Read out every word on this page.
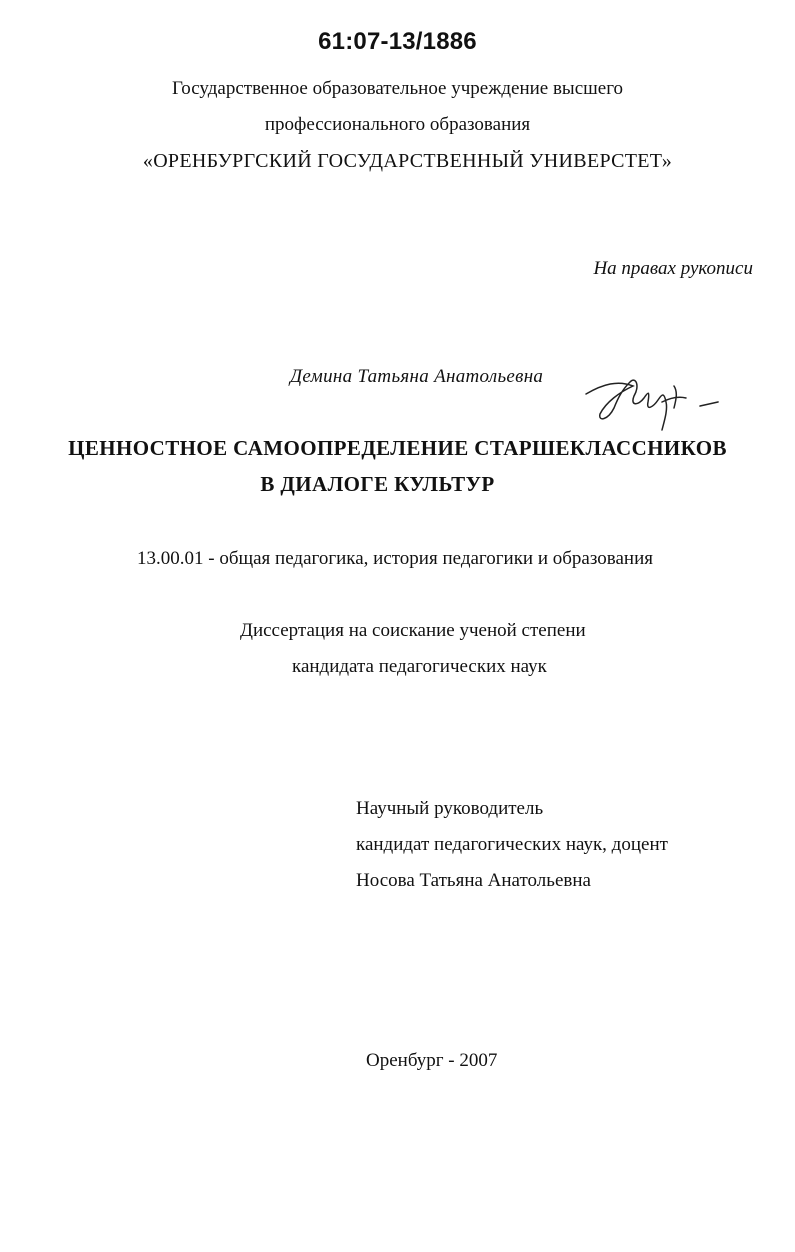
61:07-13/1886
Государственное образовательное учреждение высшего
профессионального образования
«ОРЕНБУРГСКИЙ ГОСУДАРСТВЕННЫЙ УНИВЕРСТЕТ»
На правах рукописи
Демина Татьяна Анатольевна
ЦЕННОСТНОЕ САМООПРЕДЕЛЕНИЕ СТАРШЕКЛАССНИКОВ
В ДИАЛОГЕ КУЛЬТУР
13.00.01 - общая педагогика, история педагогики и образования
Диссертация на соискание ученой степени
кандидата педагогических наук
Научный руководитель
кандидат педагогических наук, доцент
Носова Татьяна Анатольевна
Оренбург - 2007
